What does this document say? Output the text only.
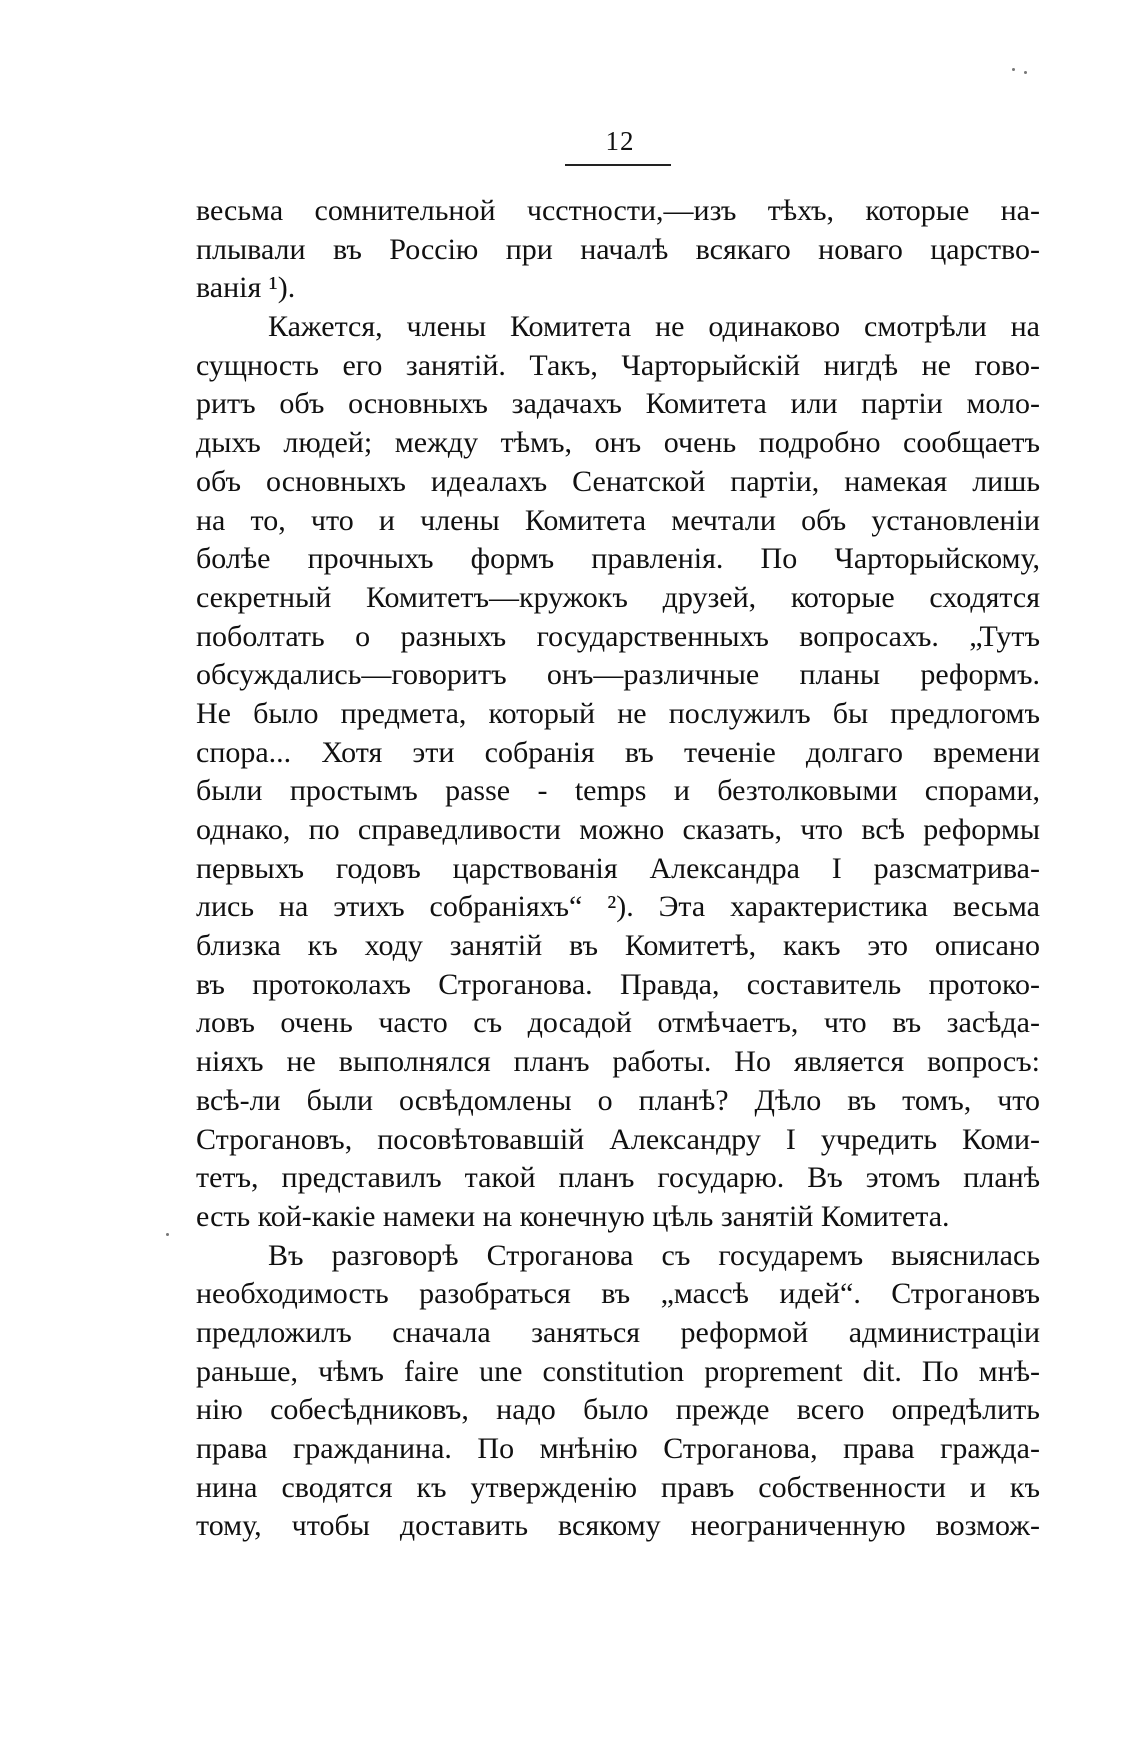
12
весьма сомнительной чсстности,—изъ тѣхъ, которые на-
плывали въ Россію при началѣ всякаго новаго царство-
ванія ¹).
Кажется, члены Комитета не одинаково смотрѣли на
сущность его занятій. Такъ, Чарторыйскій нигдѣ не гово-
ритъ объ основныхъ задачахъ Комитета или партіи моло-
дыхъ людей; между тѣмъ, онъ очень подробно сообщаетъ
объ основныхъ идеалахъ Сенатской партіи, намекая лишь
на то, что и члены Комитета мечтали объ установленіи
болѣе прочныхъ формъ правленія. По Чарторыйскому,
секретный Комитетъ—кружокъ друзей, которые сходятся
поболтать о разныхъ государственныхъ вопросахъ. „Тутъ
обсуждались—говоритъ онъ—различные планы реформъ.
Не было предмета, который не послужилъ бы предлогомъ
спора... Хотя эти собранія въ теченіе долгаго времени
были простымъ passe - temps и безтолковыми спорами,
однако, по справедливости можно сказать, что всѣ реформы
первыхъ годовъ царствованія Александра I разсматрива-
лись на этихъ собраніяхъ“ ²). Эта характеристика весьма
близка къ ходу занятій въ Комитетѣ, какъ это описано
въ протоколахъ Строганова. Правда, составитель протоко-
ловъ очень часто съ досадой отмѣчаетъ, что въ засѣда-
ніяхъ не выполнялся планъ работы. Но является вопросъ:
всѣ-ли были освѣдомлены о планѣ? Дѣло въ томъ, что
Строгановъ, посовѣтовавшій Александру I учредить Коми-
тетъ, представилъ такой планъ государю. Въ этомъ планѣ
есть кой-какіе намеки на конечную цѣль занятій Комитета.
Въ разговорѣ Строганова съ государемъ выяснилась
необходимость разобраться въ „массѣ идей“. Строгановъ
предложилъ сначала заняться реформой администраціи
раньше, чѣмъ faire une constitution proprement dit. По мнѣ-
нію собесѣдниковъ, надо было прежде всего опредѣлить
права гражданина. По мнѣнію Строганова, права гражда-
нина сводятся къ утвержденію правъ собственности и къ
тому, чтобы доставить всякому неограниченную возмож-
